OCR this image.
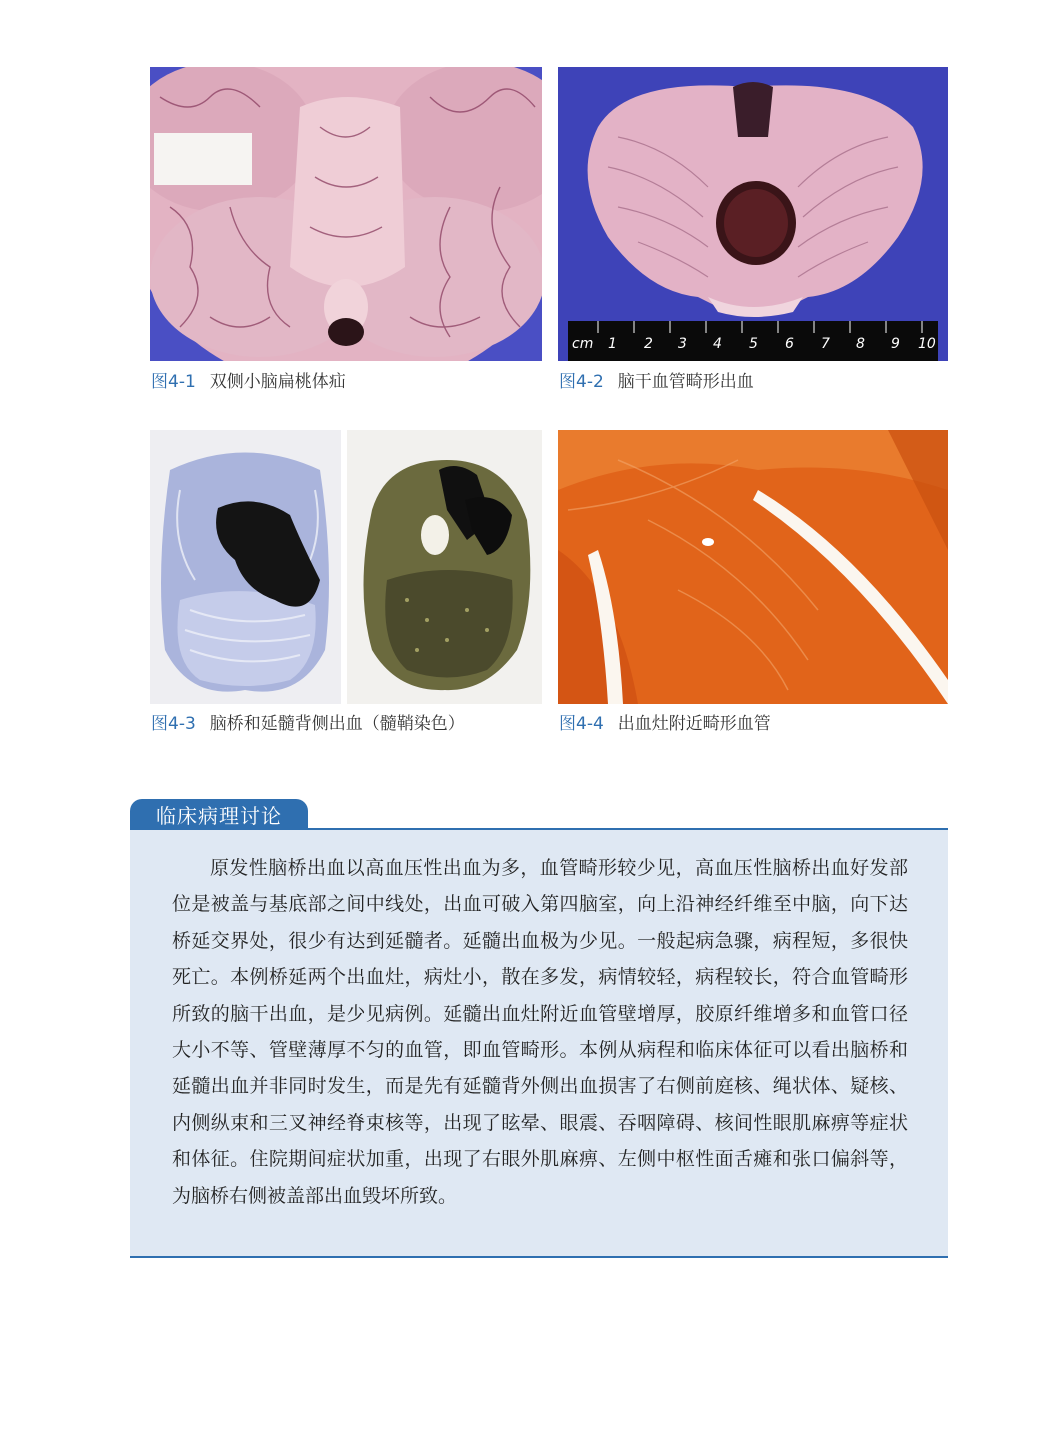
cm 1 2 3 4 5 6 7 8 9 10
图4-1 双侧小脑扁桃体疝	图4-2 脑干血管畸形出血
图4-3 脑桥和延髓背侧出血（髓鞘染色）	图4-4 出血灶附近畸形血管
临床病理讨论

原发性脑桥出血以高血压性出血为多，血管畸形较少见，高血压性脑桥出血好发部位是被盖与基底部之间中线处，出血可破入第四脑室，向上沿神经纤维至中脑，向下达桥延交界处，很少有达到延髓者。延髓出血极为少见。一般起病急骤，病程短，多很快死亡。本例桥延两个出血灶，病灶小，散在多发，病情较轻，病程较长，符合血管畸形所致的脑干出血，是少见病例。延髓出血灶附近血管壁增厚，胶原纤维增多和血管口径大小不等、管壁薄厚不匀的血管，即血管畸形。本例从病程和临床体征可以看出脑桥和延髓出血并非同时发生，而是先有延髓背外侧出血损害了右侧前庭核、绳状体、疑核、内侧纵束和三叉神经脊束核等，出现了眩晕、眼震、吞咽障碍、核间性眼肌麻痹等症状和体征。住院期间症状加重，出现了右眼外肌麻痹、左侧中枢性面舌瘫和张口偏斜等，为脑桥右侧被盖部出血毁坏所致。
